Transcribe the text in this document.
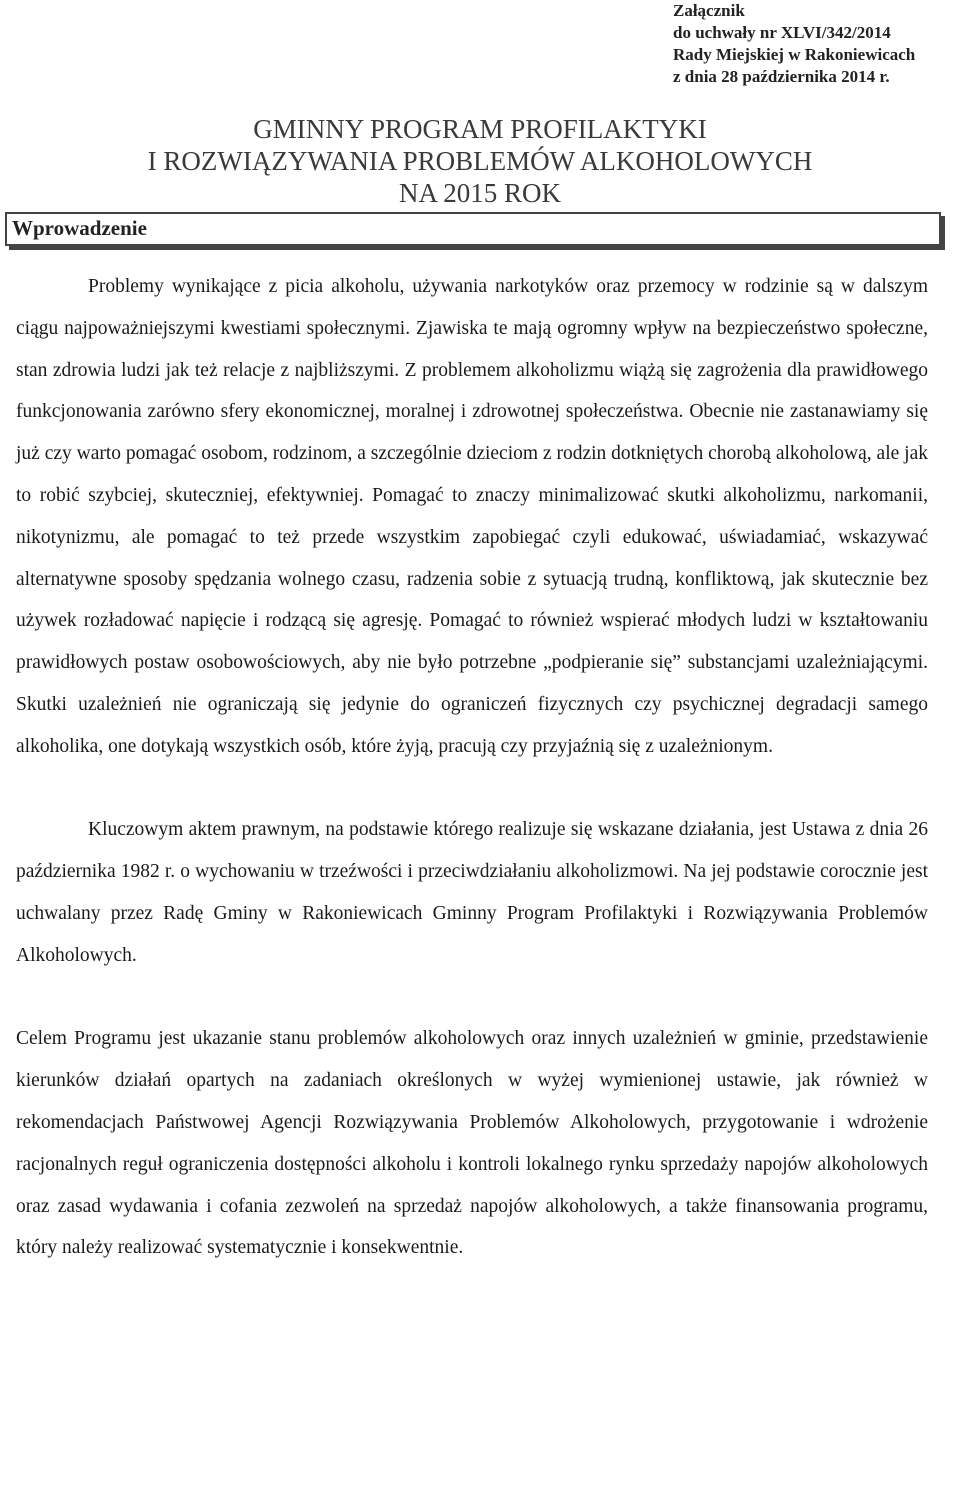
Załącznik
do uchwały nr XLVI/342/2014
Rady Miejskiej w Rakoniewicach
z dnia 28 października 2014 r.
GMINNY PROGRAM PROFILAKTYKI
I ROZWIĄZYWANIA PROBLEMÓW ALKOHOLOWYCH
NA 2015 ROK
Wprowadzenie

Problemy wynikające z picia alkoholu, używania narkotyków oraz przemocy w rodzinie są w dalszym ciągu najpoważniejszymi kwestiami społecznymi. Zjawiska te mają ogromny wpływ na bezpieczeństwo społeczne, stan zdrowia ludzi jak też relacje z najbliższymi. Z problemem alkoholizmu wiążą się zagrożenia dla prawidłowego funkcjonowania zarówno sfery ekonomicznej, moralnej i zdrowotnej społeczeństwa. Obecnie nie zastanawiamy się już czy warto pomagać osobom, rodzinom, a szczególnie dzieciom z rodzin dotkniętych chorobą alkoholową, ale jak to robić szybciej, skuteczniej, efektywniej. Pomagać to znaczy minimalizować skutki alkoholizmu, narkomanii, nikotynizmu, ale pomagać to też przede wszystkim zapobiegać czyli edukować, uświadamiać, wskazywać alternatywne sposoby spędzania wolnego czasu, radzenia sobie z sytuacją trudną, konfliktową, jak skutecznie bez używek rozładować napięcie i rodzącą się agresję. Pomagać to również wspierać młodych ludzi w kształtowaniu prawidłowych postaw osobowościowych, aby nie było potrzebne „podpieranie się” substancjami uzależniającymi. Skutki uzależnień nie ograniczają się jedynie do ograniczeń fizycznych czy psychicznej degradacji samego alkoholika, one dotykają wszystkich osób, które żyją, pracują czy przyjaźnią się z uzależnionym.

Kluczowym aktem prawnym, na podstawie którego realizuje się wskazane działania, jest Ustawa z dnia 26 października 1982 r. o wychowaniu w trzeźwości i przeciwdziałaniu alkoholizmowi. Na jej podstawie corocznie jest uchwalany przez Radę Gminy w Rakoniewicach Gminny Program Profilaktyki i Rozwiązywania Problemów Alkoholowych.

Celem Programu jest ukazanie stanu problemów alkoholowych oraz innych uzależnień w gminie, przedstawienie kierunków działań opartych na zadaniach określonych w wyżej wymienionej ustawie, jak również w rekomendacjach Państwowej Agencji Rozwiązywania Problemów Alkoholowych, przygotowanie i wdrożenie racjonalnych reguł ograniczenia dostępności alkoholu i kontroli lokalnego rynku sprzedaży napojów alkoholowych oraz zasad wydawania i cofania zezwoleń na sprzedaż napojów alkoholowych, a także finansowania programu, który należy realizować systematycznie i konsekwentnie.
